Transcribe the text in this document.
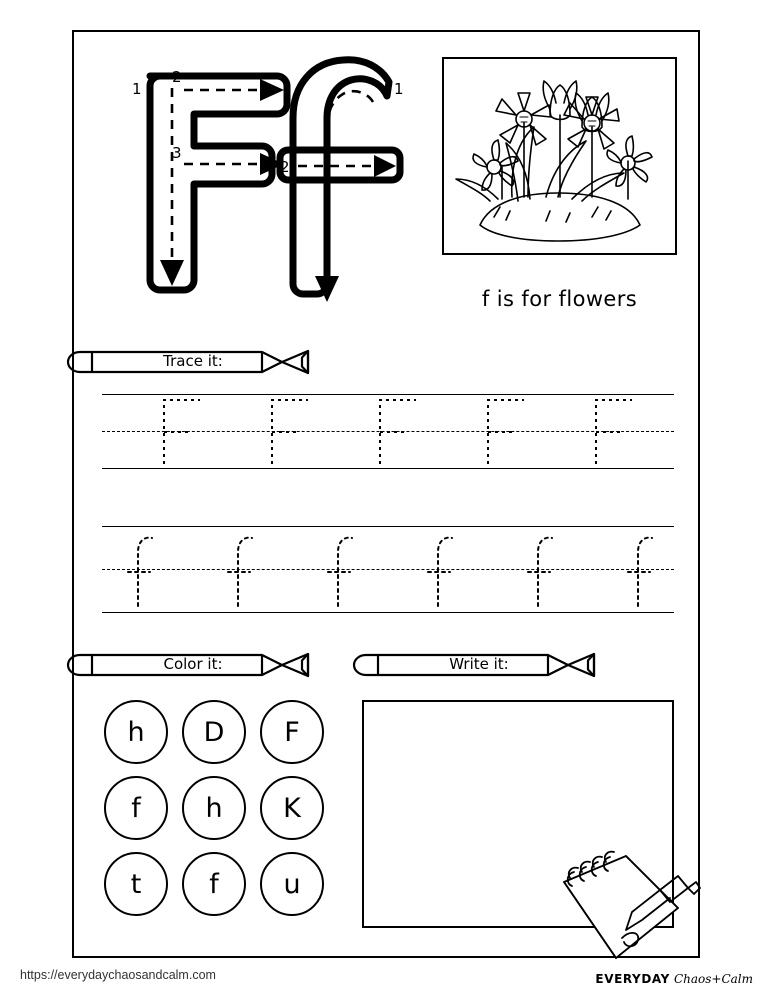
1
2
3
1
2
f is for flowers
Trace it:
Color it:	Write it:
h	D	F
f	h	K
t	f	u
https://everydaychaosandcalm.com	EVERYDAY Chaos+Calm
